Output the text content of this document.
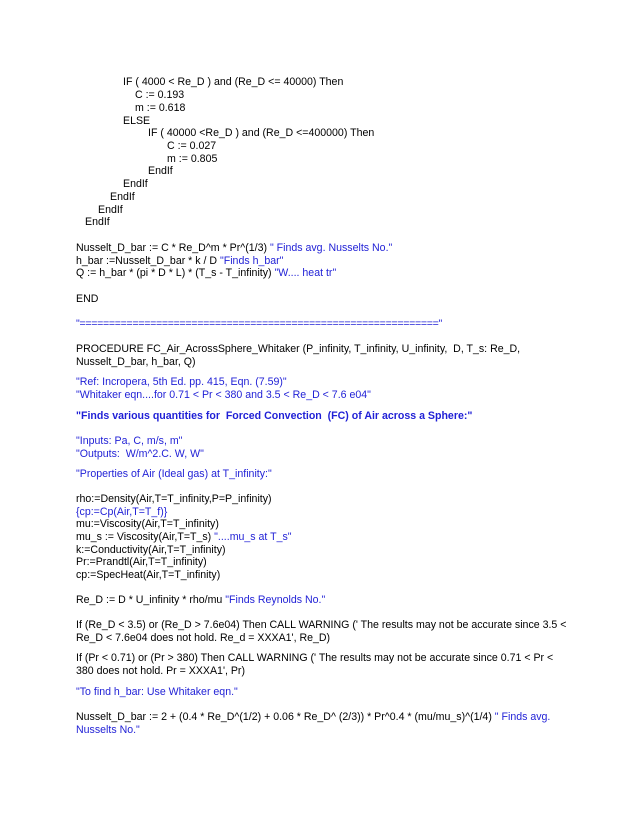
IF ( 4000 < Re_D ) and (Re_D <= 40000) Then
C := 0.193
m := 0.618
ELSE
IF ( 40000 <Re_D ) and (Re_D <=400000) Then
C := 0.027
m := 0.805
EndIf
EndIf
EndIf
EndIf
EndIf
Nusselt_D_bar := C * Re_D^m * Pr^(1/3) " Finds avg. Nusselts No."
h_bar :=Nusselt_D_bar * k / D "Finds h_bar"
Q := h_bar * (pi * D * L) * (T_s - T_infinity) "W.... heat tr"
END
"============================================================="
PROCEDURE FC_Air_AcrossSphere_Whitaker (P_infinity, T_infinity, U_infinity,  D, T_s: Re_D,
Nusselt_D_bar, h_bar, Q)
"Ref: Incropera, 5th Ed. pp. 415, Eqn. (7.59)"
"Whitaker eqn....for 0.71 < Pr < 380 and 3.5 < Re_D < 7.6 e04"
"Finds various quantities for  Forced Convection  (FC) of Air across a Sphere:"
"Inputs: Pa, C, m/s, m"
"Outputs:  W/m^2.C. W, W"
"Properties of Air (Ideal gas) at T_infinity:"
rho:=Density(Air,T=T_infinity,P=P_infinity)
{cp:=Cp(Air,T=T_f)}
mu:=Viscosity(Air,T=T_infinity)
mu_s := Viscosity(Air,T=T_s) "....mu_s at T_s"
k:=Conductivity(Air,T=T_infinity)
Pr:=Prandtl(Air,T=T_infinity)
cp:=SpecHeat(Air,T=T_infinity)
Re_D := D * U_infinity * rho/mu "Finds Reynolds No."
If (Re_D < 3.5) or (Re_D > 7.6e04) Then CALL WARNING (' The results may not be accurate since 3.5 <
Re_D < 7.6e04 does not hold. Re_d = XXXA1', Re_D)
If (Pr < 0.71) or (Pr > 380) Then CALL WARNING (' The results may not be accurate since 0.71 < Pr <
380 does not hold. Pr = XXXA1', Pr)
"To find h_bar: Use Whitaker eqn."
Nusselt_D_bar := 2 + (0.4 * Re_D^(1/2) + 0.06 * Re_D^ (2/3)) * Pr^0.4 * (mu/mu_s)^(1/4) " Finds avg.
Nusselts No."
